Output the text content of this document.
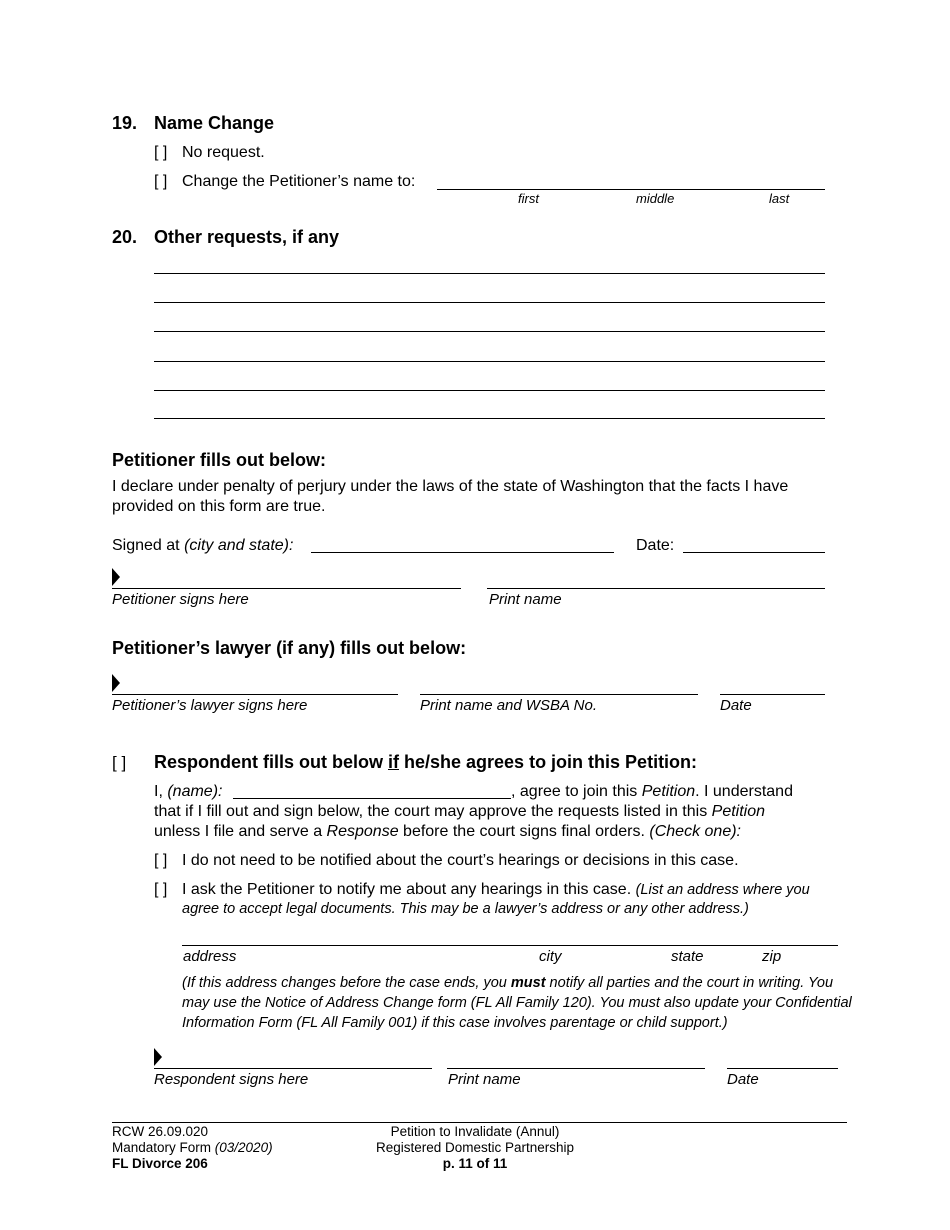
19. Name Change
[ ] No request.
[ ] Change the Petitioner’s name to:
first	middle	last
20. Other requests, if any
Petitioner fills out below:
I declare under penalty of perjury under the laws of the state of Washington that the facts I have
provided on this form are true.
Signed at (city and state):	Date:
Petitioner signs here	Print name
Petitioner’s lawyer (if any) fills out below:
Petitioner’s lawyer signs here	Print name and WSBA No.	Date
[ ] Respondent fills out below if he/she agrees to join this Petition:
I, (name):	, agree to join this Petition. I understand
that if I fill out and sign below, the court may approve the requests listed in this Petition
unless I file and serve a Response before the court signs final orders. (Check one):
[ ] I do not need to be notified about the court’s hearings or decisions in this case.
[ ] I ask the Petitioner to notify me about any hearings in this case. (List an address where you
agree to accept legal documents. This may be a lawyer’s address or any other address.)
address	city	state	zip
(If this address changes before the case ends, you must notify all parties and the court in writing. You
may use the Notice of Address Change form (FL All Family 120). You must also update your Confidential
Information Form (FL All Family 001) if this case involves parentage or child support.)
Respondent signs here	Print name	Date
RCW 26.09.020
Mandatory Form (03/2020)
FL Divorce 206
Petition to Invalidate (Annul)
Registered Domestic Partnership
p. 11 of 11
